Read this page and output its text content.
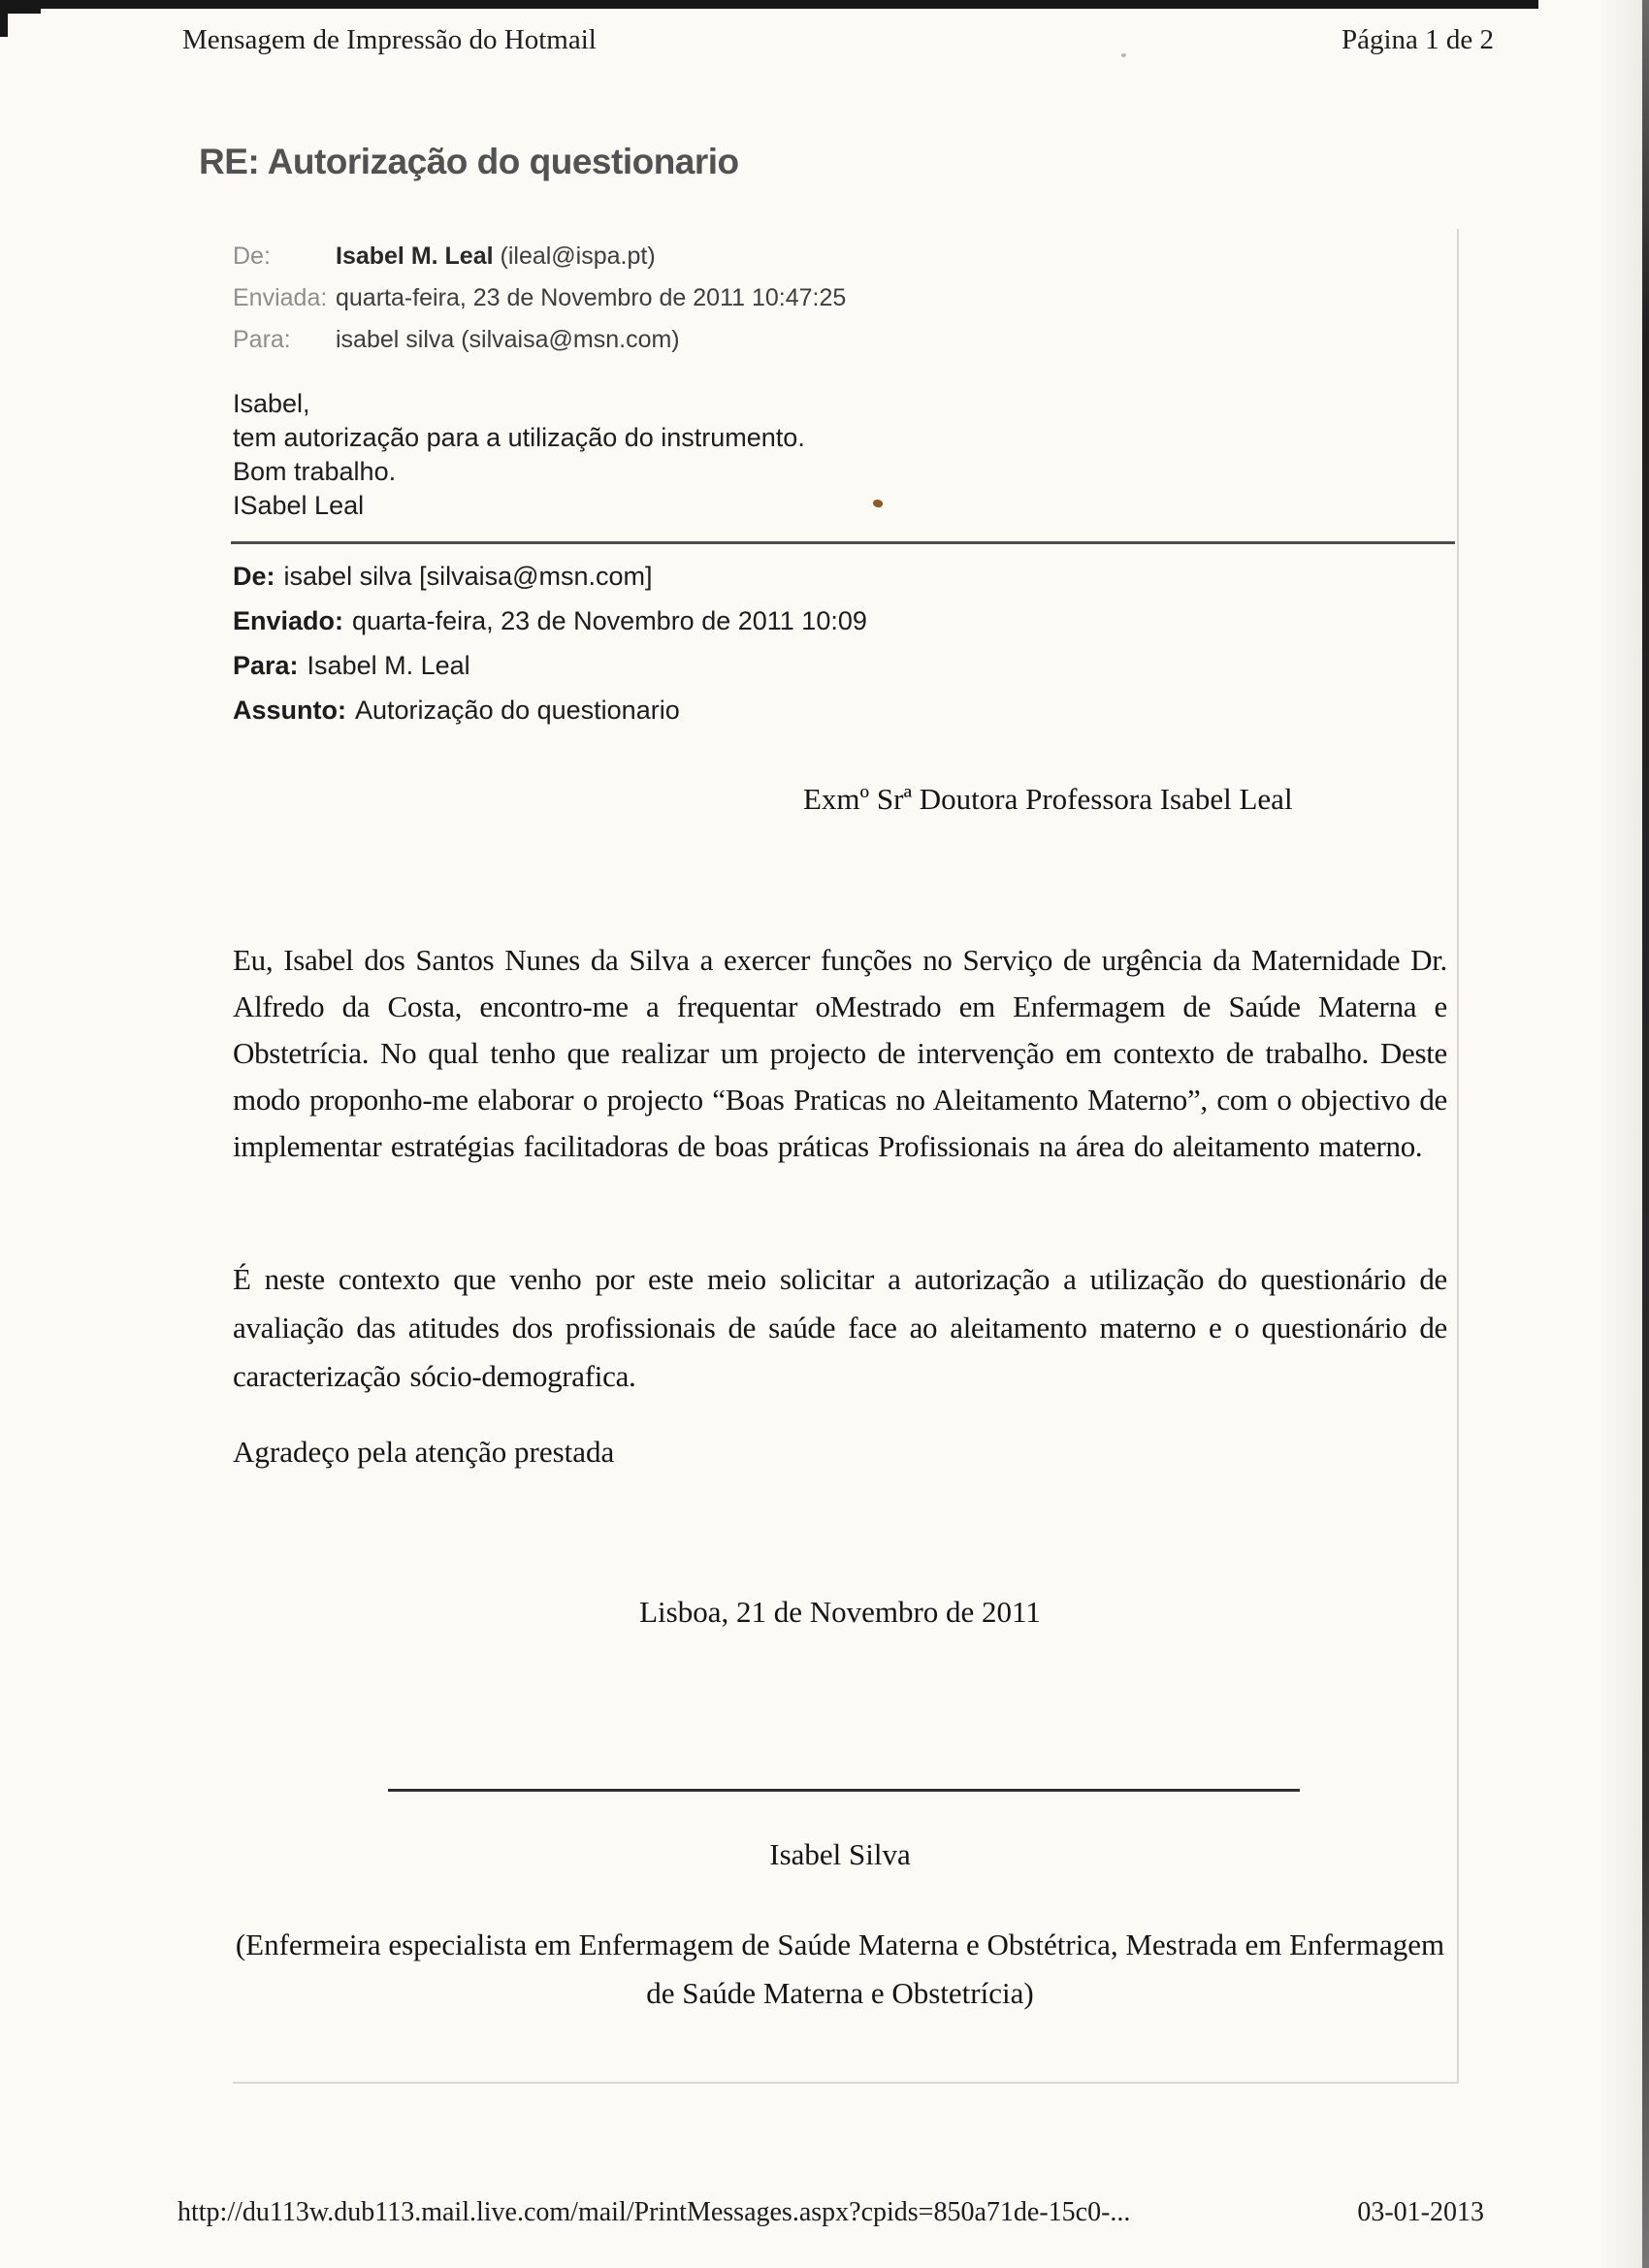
Mensagem de Impressão do Hotmail	Página 1 de 2
RE: Autorização do questionario
De:	Isabel M. Leal (ileal@ispa.pt)
Enviada: quarta-feira, 23 de Novembro de 2011 10:47:25
Para:	isabel silva (silvaisa@msn.com)
Isabel,
tem autorização para a utilização do instrumento.
Bom trabalho.
ISabel Leal
De: isabel silva [silvaisa@msn.com]
Enviado: quarta-feira, 23 de Novembro de 2011 10:09
Para: Isabel M. Leal
Assunto: Autorização do questionario
Exmº Srª Doutora Professora Isabel Leal
Eu, Isabel dos Santos Nunes da Silva a exercer funções no Serviço de urgência da Maternidade Dr. Alfredo da Costa, encontro-me a frequentar oMestrado em Enfermagem de Saúde Materna e Obstetrícia. No qual tenho que realizar um projecto de intervenção em contexto de trabalho. Deste modo proponho-me elaborar o projecto “Boas Praticas no Aleitamento Materno”, com o objectivo de implementar estratégias facilitadoras de boas práticas Profissionais na área do aleitamento materno.
É neste contexto que venho por este meio solicitar a autorização a utilização do questionário de avaliação das atitudes dos profissionais de saúde face ao aleitamento materno e o questionário de caracterização sócio-demografica.
Agradeço pela atenção prestada
Lisboa, 21 de Novembro de 2011
Isabel Silva
(Enfermeira especialista em Enfermagem de Saúde Materna e Obstétrica, Mestrada em Enfermagem de Saúde Materna e Obstetrícia)
http://du113w.dub113.mail.live.com/mail/PrintMessages.aspx?cpids=850a71de-15c0-...	03-01-2013
